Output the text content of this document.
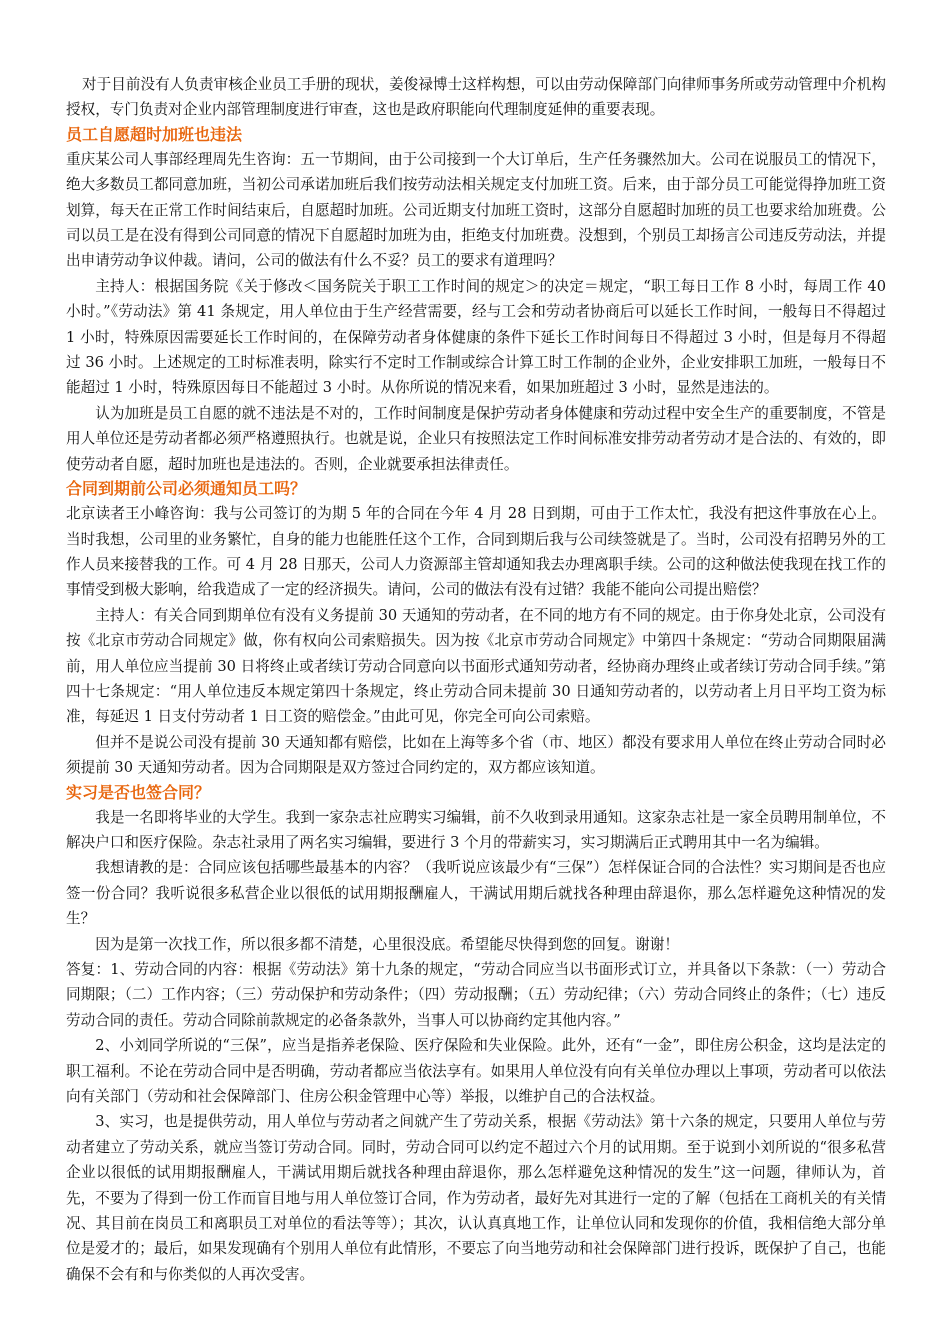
对于目前没有人负责审核企业员工手册的现状，姜俊禄博士这样构想，可以由劳动保障部门向律师事务所或劳动管理中介机构授权，专门负责对企业内部管理制度进行审查，这也是政府职能向代理制度延伸的重要表现。

员工自愿超时加班也违法

重庆某公司人事部经理周先生咨询：五一节期间，由于公司接到一个大订单后，生产任务骤然加大。公司在说服员工的情况下，绝大多数员工都同意加班，当初公司承诺加班后我们按劳动法相关规定支付加班工资。后来，由于部分员工可能觉得挣加班工资划算，每天在正常工作时间结束后，自愿超时加班。公司近期支付加班工资时，这部分自愿超时加班的员工也要求给加班费。公司以员工是在没有得到公司同意的情况下自愿超时加班为由，拒绝支付加班费。没想到，个别员工却扬言公司违反劳动法，并提出申请劳动争议仲裁。请问，公司的做法有什么不妥？员工的要求有道理吗？

主持人：根据国务院《关于修改＜国务院关于职工工作时间的规定＞的决定＝规定，“职工每日工作 8 小时，每周工作 40小时。”《劳动法》第 41 条规定，用人单位由于生产经营需要，经与工会和劳动者协商后可以延长工作时间，一般每日不得超过 1 小时，特殊原因需要延长工作时间的，在保障劳动者身体健康的条件下延长工作时间每日不得超过 3 小时，但是每月不得超过 36 小时。上述规定的工时标准表明，除实行不定时工作制或综合计算工时工作制的企业外，企业安排职工加班，一般每日不能超过 1 小时，特殊原因每日不能超过 3 小时。从你所说的情况来看，如果加班超过 3 小时，显然是违法的。

认为加班是员工自愿的就不违法是不对的，工作时间制度是保护劳动者身体健康和劳动过程中安全生产的重要制度，不管是用人单位还是劳动者都必须严格遵照执行。也就是说，企业只有按照法定工作时间标准安排劳动者劳动才是合法的、有效的，即使劳动者自愿，超时加班也是违法的。否则，企业就要承担法律责任。

合同到期前公司必须通知员工吗？

北京读者王小峰咨询：我与公司签订的为期 5 年的合同在今年 4 月 28 日到期，可由于工作太忙，我没有把这件事放在心上。当时我想，公司里的业务繁忙，自身的能力也能胜任这个工作，合同到期后我与公司续签就是了。当时，公司没有招聘另外的工作人员来接替我的工作。可 4 月 28 日那天，公司人力资源部主管却通知我去办理离职手续。公司的这种做法使我现在找工作的事情受到极大影响，给我造成了一定的经济损失。请问，公司的做法有没有过错？我能不能向公司提出赔偿？

主持人：有关合同到期单位有没有义务提前 30 天通知的劳动者，在不同的地方有不同的规定。由于你身处北京，公司没有按《北京市劳动合同规定》做，你有权向公司索赔损失。因为按《北京市劳动合同规定》中第四十条规定：“劳动合同期限届满前，用人单位应当提前 30 日将终止或者续订劳动合同意向以书面形式通知劳动者，经协商办理终止或者续订劳动合同手续。”第四十七条规定：“用人单位违反本规定第四十条规定，终止劳动合同未提前 30 日通知劳动者的，以劳动者上月日平均工资为标准，每延迟 1 日支付劳动者 1 日工资的赔偿金。”由此可见，你完全可向公司索赔。

但并不是说公司没有提前 30 天通知都有赔偿，比如在上海等多个省（市、地区）都没有要求用人单位在终止劳动合同时必须提前 30 天通知劳动者。因为合同期限是双方签过合同约定的，双方都应该知道。

实习是否也签合同？

我是一名即将毕业的大学生。我到一家杂志社应聘实习编辑，前不久收到录用通知。这家杂志社是一家全员聘用制单位，不解决户口和医疗保险。杂志社录用了两名实习编辑，要进行 3 个月的带薪实习，实习期满后正式聘用其中一名为编辑。

我想请教的是：合同应该包括哪些最基本的内容？（我听说应该最少有“三保”）怎样保证合同的合法性？实习期间是否也应签一份合同？我听说很多私营企业以很低的试用期报酬雇人，干满试用期后就找各种理由辞退你，那么怎样避免这种情况的发生？

因为是第一次找工作，所以很多都不清楚，心里很没底。希望能尽快得到您的回复。谢谢！

答复：1、劳动合同的内容：根据《劳动法》第十九条的规定，“劳动合同应当以书面形式订立，并具备以下条款：（一）劳动合同期限；（二）工作内容；（三）劳动保护和劳动条件；（四）劳动报酬；（五）劳动纪律；（六）劳动合同终止的条件；（七）违反劳动合同的责任。劳动合同除前款规定的必备条款外，当事人可以协商约定其他内容。”

2、小刘同学所说的“三保”，应当是指养老保险、医疗保险和失业保险。此外，还有“一金”，即住房公积金，这均是法定的职工福利。不论在劳动合同中是否明确，劳动者都应当依法享有。如果用人单位没有向有关单位办理以上事项，劳动者可以依法向有关部门（劳动和社会保障部门、住房公积金管理中心等）举报，以维护自己的合法权益。

3、实习，也是提供劳动，用人单位与劳动者之间就产生了劳动关系，根据《劳动法》第十六条的规定，只要用人单位与劳动者建立了劳动关系，就应当签订劳动合同。同时，劳动合同可以约定不超过六个月的试用期。至于说到小刘所说的“很多私营企业以很低的试用期报酬雇人，干满试用期后就找各种理由辞退你，那么怎样避免这种情况的发生”这一问题，律师认为，首先，不要为了得到一份工作而盲目地与用人单位签订合同，作为劳动者，最好先对其进行一定的了解（包括在工商机关的有关情况、其目前在岗员工和离职员工对单位的看法等等）；其次，认认真真地工作，让单位认同和发现你的价值，我相信绝大部分单位是爱才的；最后，如果发现确有个别用人单位有此情形，不要忘了向当地劳动和社会保障部门进行投诉，既保护了自己，也能确保不会有和与你类似的人再次受害。
